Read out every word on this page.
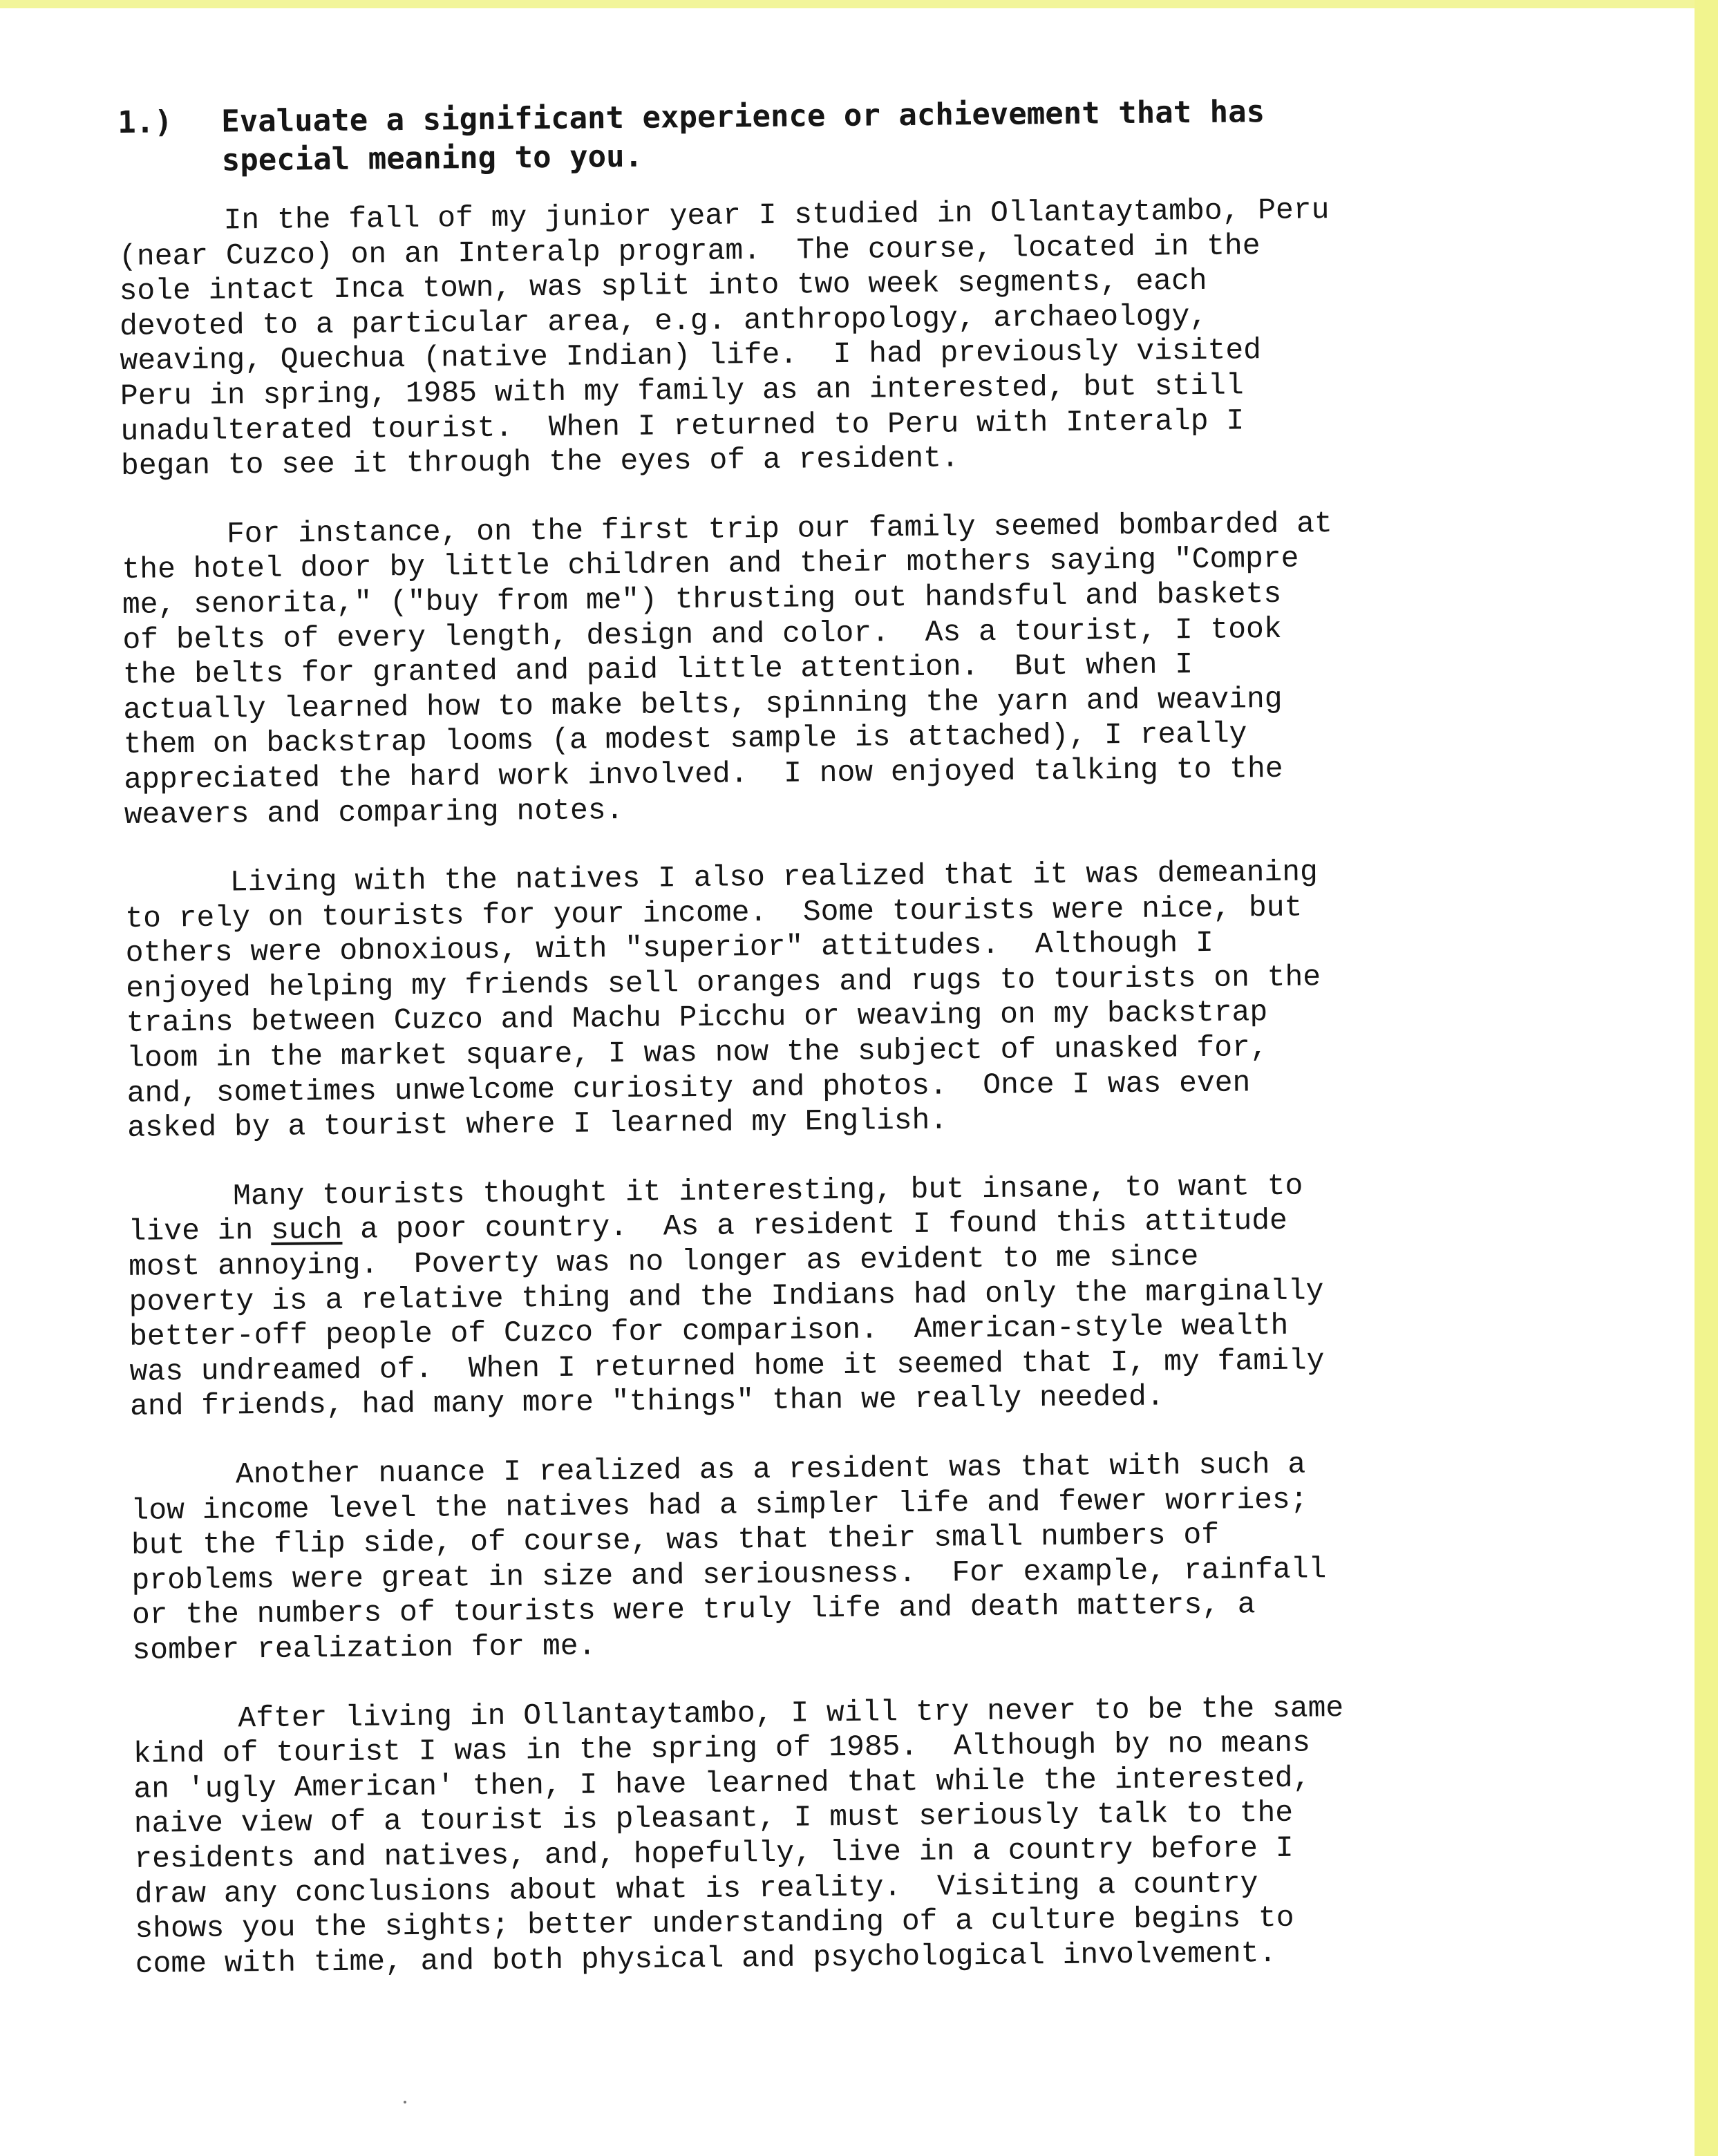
1.) Evaluate a significant experience or achievement that has
special meaning to you.
In the fall of my junior year I studied in Ollantaytambo, Peru
(near Cuzco) on an Interalp program.  The course, located in the
sole intact Inca town, was split into two week segments, each
devoted to a particular area, e.g. anthropology, archaeology,
weaving, Quechua (native Indian) life.  I had previously visited
Peru in spring, 1985 with my family as an interested, but still
unadulterated tourist.  When I returned to Peru with Interalp I
began to see it through the eyes of a resident.
For instance, on the first trip our family seemed bombarded at
the hotel door by little children and their mothers saying "Compre
me, senorita," ("buy from me") thrusting out handsful and baskets
of belts of every length, design and color.  As a tourist, I took
the belts for granted and paid little attention.  But when I
actually learned how to make belts, spinning the yarn and weaving
them on backstrap looms (a modest sample is attached), I really
appreciated the hard work involved.  I now enjoyed talking to the
weavers and comparing notes.
Living with the natives I also realized that it was demeaning
to rely on tourists for your income.  Some tourists were nice, but
others were obnoxious, with "superior" attitudes.  Although I
enjoyed helping my friends sell oranges and rugs to tourists on the
trains between Cuzco and Machu Picchu or weaving on my backstrap
loom in the market square, I was now the subject of unasked for,
and, sometimes unwelcome curiosity and photos.  Once I was even
asked by a tourist where I learned my English.
Many tourists thought it interesting, but insane, to want to
live in such a poor country.  As a resident I found this attitude
most annoying.  Poverty was no longer as evident to me since
poverty is a relative thing and the Indians had only the marginally
better-off people of Cuzco for comparison.  American-style wealth
was undreamed of.  When I returned home it seemed that I, my family
and friends, had many more "things" than we really needed.
Another nuance I realized as a resident was that with such a
low income level the natives had a simpler life and fewer worries;
but the flip side, of course, was that their small numbers of
problems were great in size and seriousness.  For example, rainfall
or the numbers of tourists were truly life and death matters, a
somber realization for me.
After living in Ollantaytambo, I will try never to be the same
kind of tourist I was in the spring of 1985.  Although by no means
an 'ugly American' then, I have learned that while the interested,
naive view of a tourist is pleasant, I must seriously talk to the
residents and natives, and, hopefully, live in a country before I
draw any conclusions about what is reality.  Visiting a country
shows you the sights; better understanding of a culture begins to
come with time, and both physical and psychological involvement.
